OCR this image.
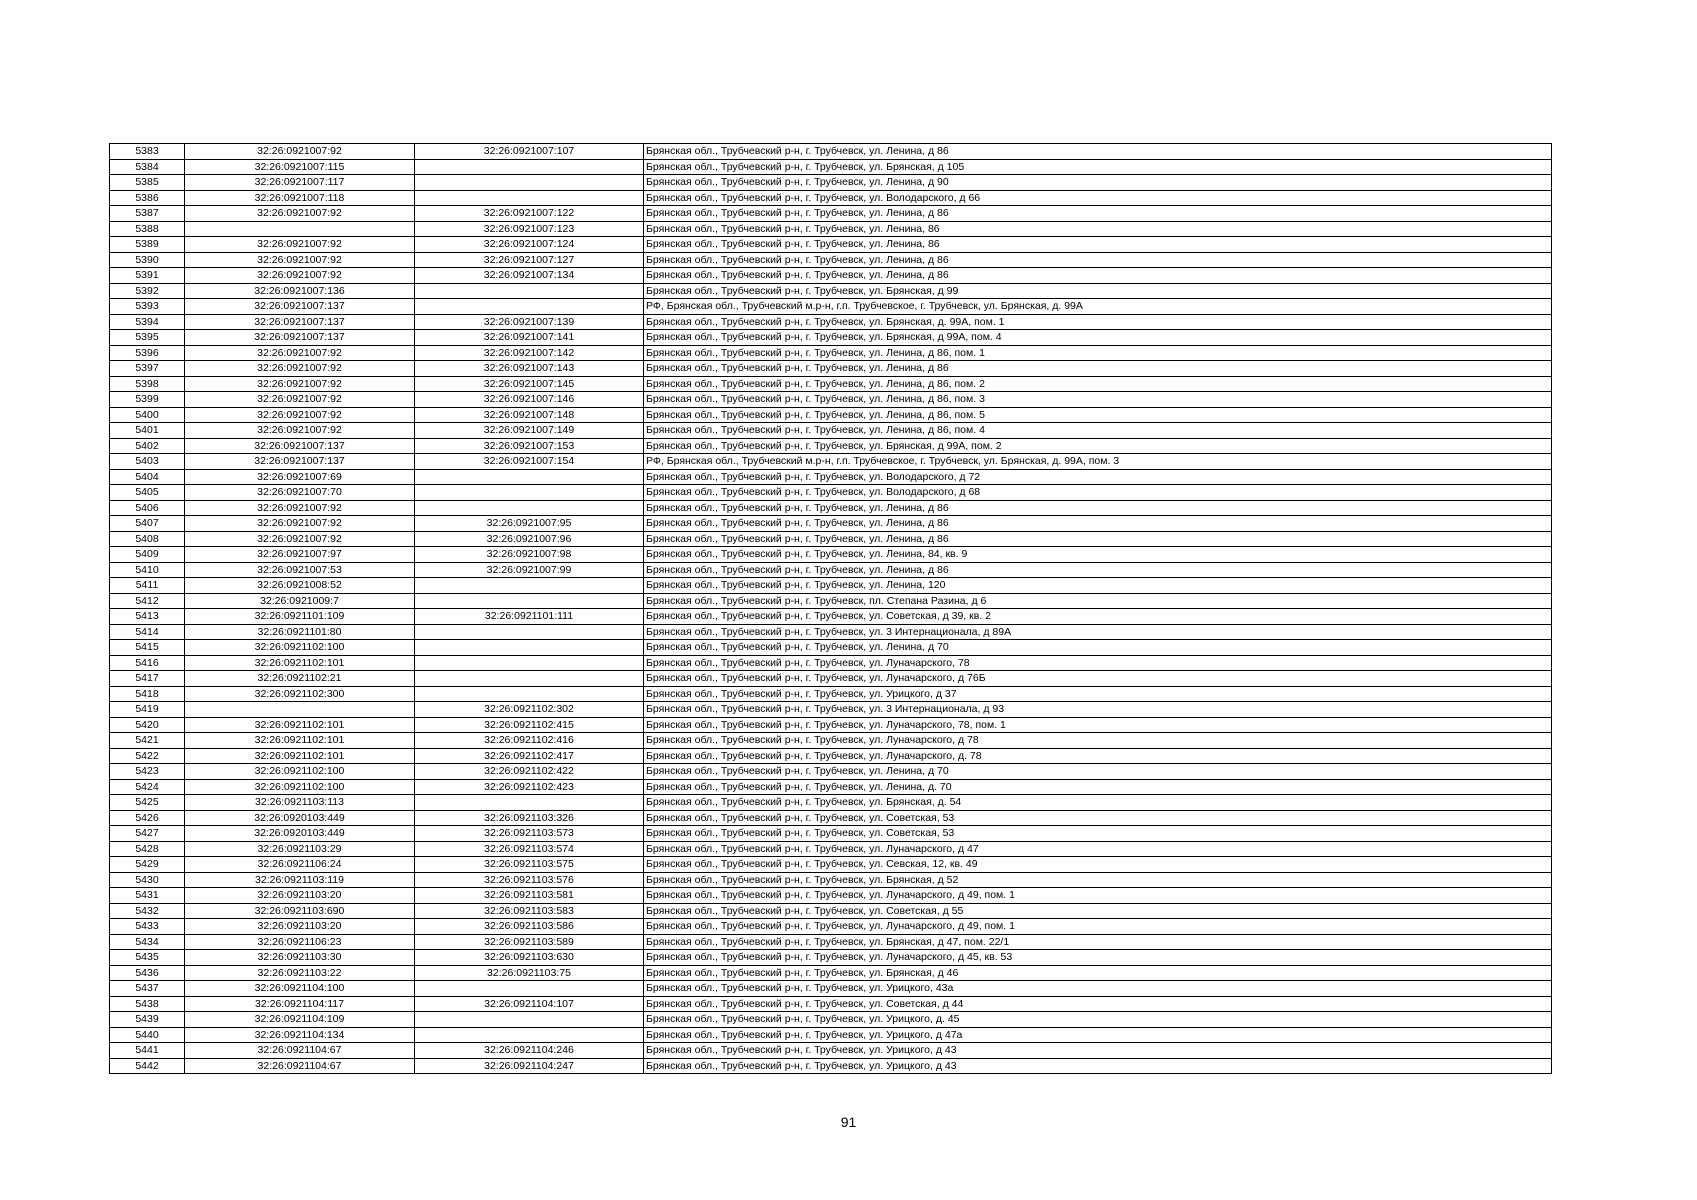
5383	32:26:0921007:92	32:26:0921007:107	Брянская обл., Трубчевский р-н, г. Трубчевск, ул. Ленина, д 86
5384	32:26:0921007:115		Брянская обл., Трубчевский р-н, г. Трубчевск, ул. Брянская, д 105
5385	32:26:0921007:117		Брянская обл., Трубчевский р-н, г. Трубчевск, ул. Ленина, д 90
5386	32:26:0921007:118		Брянская обл., Трубчевский р-н, г. Трубчевск, ул. Володарского, д 66
5387	32:26:0921007:92	32:26:0921007:122	Брянская обл., Трубчевский р-н, г. Трубчевск, ул. Ленина, д 86
5388		32:26:0921007:123	Брянская обл., Трубчевский р-н, г. Трубчевск, ул. Ленина, 86
5389	32:26:0921007:92	32:26:0921007:124	Брянская обл., Трубчевский р-н, г. Трубчевск, ул. Ленина, 86
5390	32:26:0921007:92	32:26:0921007:127	Брянская обл., Трубчевский р-н, г. Трубчевск, ул. Ленина, д 86
5391	32:26:0921007:92	32:26:0921007:134	Брянская обл., Трубчевский р-н, г. Трубчевск, ул. Ленина, д 86
5392	32:26:0921007:136		Брянская обл., Трубчевский р-н, г. Трубчевск, ул. Брянская, д 99
5393	32:26:0921007:137		РФ, Брянская обл., Трубчевский м.р-н, г.п. Трубчевское, г. Трубчевск, ул. Брянская, д. 99А
5394	32:26:0921007:137	32:26:0921007:139	Брянская обл., Трубчевский р-н, г. Трубчевск, ул. Брянская, д. 99А, пом. 1
5395	32:26:0921007:137	32:26:0921007:141	Брянская обл., Трубчевский р-н, г. Трубчевск, ул. Брянская, д 99А, пом. 4
5396	32:26:0921007:92	32:26:0921007:142	Брянская обл., Трубчевский р-н, г. Трубчевск, ул. Ленина, д 86, пом. 1
5397	32:26:0921007:92	32:26:0921007:143	Брянская обл., Трубчевский р-н, г. Трубчевск, ул. Ленина, д 86
5398	32:26:0921007:92	32:26:0921007:145	Брянская обл., Трубчевский р-н, г. Трубчевск, ул. Ленина, д 86, пом. 2
5399	32:26:0921007:92	32:26:0921007:146	Брянская обл., Трубчевский р-н, г. Трубчевск, ул. Ленина, д 86, пом. 3
5400	32:26:0921007:92	32:26:0921007:148	Брянская обл., Трубчевский р-н, г. Трубчевск, ул. Ленина, д 86, пом. 5
5401	32:26:0921007:92	32:26:0921007:149	Брянская обл., Трубчевский р-н, г. Трубчевск, ул. Ленина, д 86, пом. 4
5402	32:26:0921007:137	32:26:0921007:153	Брянская обл., Трубчевский р-н, г. Трубчевск, ул. Брянская, д 99А, пом. 2
5403	32:26:0921007:137	32:26:0921007:154	РФ, Брянская обл., Трубчевский м.р-н, г.п. Трубчевское, г. Трубчевск, ул. Брянская, д. 99А, пом. 3
5404	32:26:0921007:69		Брянская обл., Трубчевский р-н, г. Трубчевск, ул. Володарского, д 72
5405	32:26:0921007:70		Брянская обл., Трубчевский р-н, г. Трубчевск, ул. Володарского, д 68
5406	32:26:0921007:92		Брянская обл., Трубчевский р-н, г. Трубчевск, ул. Ленина, д 86
5407	32:26:0921007:92	32:26:0921007:95	Брянская обл., Трубчевский р-н, г. Трубчевск, ул. Ленина, д 86
5408	32:26:0921007:92	32:26:0921007:96	Брянская обл., Трубчевский р-н, г. Трубчевск, ул. Ленина, д 86
5409	32:26:0921007:97	32:26:0921007:98	Брянская обл., Трубчевский р-н, г. Трубчевск, ул. Ленина, 84, кв. 9
5410	32:26:0921007:53	32:26:0921007:99	Брянская обл., Трубчевский р-н, г. Трубчевск, ул. Ленина, д 86
5411	32:26:0921008:52		Брянская обл., Трубчевский р-н, г. Трубчевск, ул. Ленина, 120
5412	32:26:0921009:7		Брянская обл., Трубчевский р-н, г. Трубчевск, пл. Степана Разина, д 6
5413	32:26:0921101:109	32:26:0921101:111	Брянская обл., Трубчевский р-н, г. Трубчевск, ул. Советская, д 39, кв. 2
5414	32:26:0921101:80		Брянская обл., Трубчевский р-н, г. Трубчевск, ул. 3 Интернационала, д 89А
5415	32:26:0921102:100		Брянская обл., Трубчевский р-н, г. Трубчевск, ул. Ленина, д 70
5416	32:26:0921102:101		Брянская обл., Трубчевский р-н, г. Трубчевск, ул. Луначарского, 78
5417	32:26:0921102:21		Брянская обл., Трубчевский р-н, г. Трубчевск, ул. Луначарского, д 76Б
5418	32:26:0921102:300		Брянская обл., Трубчевский р-н, г. Трубчевск, ул. Урицкого, д 37
5419		32:26:0921102:302	Брянская обл., Трубчевский р-н, г. Трубчевск, ул. 3 Интернационала, д 93
5420	32:26:0921102:101	32:26:0921102:415	Брянская обл., Трубчевский р-н, г. Трубчевск, ул. Луначарского, 78, пом. 1
5421	32:26:0921102:101	32:26:0921102:416	Брянская обл., Трубчевский р-н, г. Трубчевск, ул. Луначарского, д 78
5422	32:26:0921102:101	32:26:0921102:417	Брянская обл., Трубчевский р-н, г. Трубчевск, ул. Луначарского, д. 78
5423	32:26:0921102:100	32:26:0921102:422	Брянская обл., Трубчевский р-н, г. Трубчевск, ул. Ленина, д 70
5424	32:26:0921102:100	32:26:0921102:423	Брянская обл., Трубчевский р-н, г. Трубчевск, ул. Ленина, д. 70
5425	32:26:0921103:113		Брянская обл., Трубчевский р-н, г. Трубчевск, ул. Брянская, д. 54
5426	32:26:0920103:449	32:26:0921103:326	Брянская обл., Трубчевский р-н, г. Трубчевск, ул. Советская, 53
5427	32:26:0920103:449	32:26:0921103:573	Брянская обл., Трубчевский р-н, г. Трубчевск, ул. Советская, 53
5428	32:26:0921103:29	32:26:0921103:574	Брянская обл., Трубчевский р-н, г. Трубчевск, ул. Луначарского, д 47
5429	32:26:0921106:24	32:26:0921103:575	Брянская обл., Трубчевский р-н, г. Трубчевск, ул. Севская, 12, кв. 49
5430	32:26:0921103:119	32:26:0921103:576	Брянская обл., Трубчевский р-н, г. Трубчевск, ул. Брянская, д 52
5431	32:26:0921103:20	32:26:0921103:581	Брянская обл., Трубчевский р-н, г. Трубчевск, ул. Луначарского, д 49, пом. 1
5432	32:26:0921103:690	32:26:0921103:583	Брянская обл., Трубчевский р-н, г. Трубчевск, ул. Советская, д 55
5433	32:26:0921103:20	32:26:0921103:586	Брянская обл., Трубчевский р-н, г. Трубчевск, ул. Луначарского, д 49, пом. 1
5434	32:26:0921106:23	32:26:0921103:589	Брянская обл., Трубчевский р-н, г. Трубчевск, ул. Брянская, д 47, пом. 22/1
5435	32:26:0921103:30	32:26:0921103:630	Брянская обл., Трубчевский р-н, г. Трубчевск, ул. Луначарского, д 45, кв. 53
5436	32:26:0921103:22	32:26:0921103:75	Брянская обл., Трубчевский р-н, г. Трубчевск, ул. Брянская, д 46
5437	32:26:0921104:100		Брянская обл., Трубчевский р-н, г. Трубчевск, ул. Урицкого, 43а
5438	32:26:0921104:117	32:26:0921104:107	Брянская обл., Трубчевский р-н, г. Трубчевск, ул. Советская, д 44
5439	32:26:0921104:109		Брянская обл., Трубчевский р-н, г. Трубчевск, ул. Урицкого, д. 45
5440	32:26:0921104:134		Брянская обл., Трубчевский р-н, г. Трубчевск, ул. Урицкого, д 47а
5441	32:26:0921104:67	32:26:0921104:246	Брянская обл., Трубчевский р-н, г. Трубчевск, ул. Урицкого, д 43
5442	32:26:0921104:67	32:26:0921104:247	Брянская обл., Трубчевский р-н, г. Трубчевск, ул. Урицкого, д 43
91
